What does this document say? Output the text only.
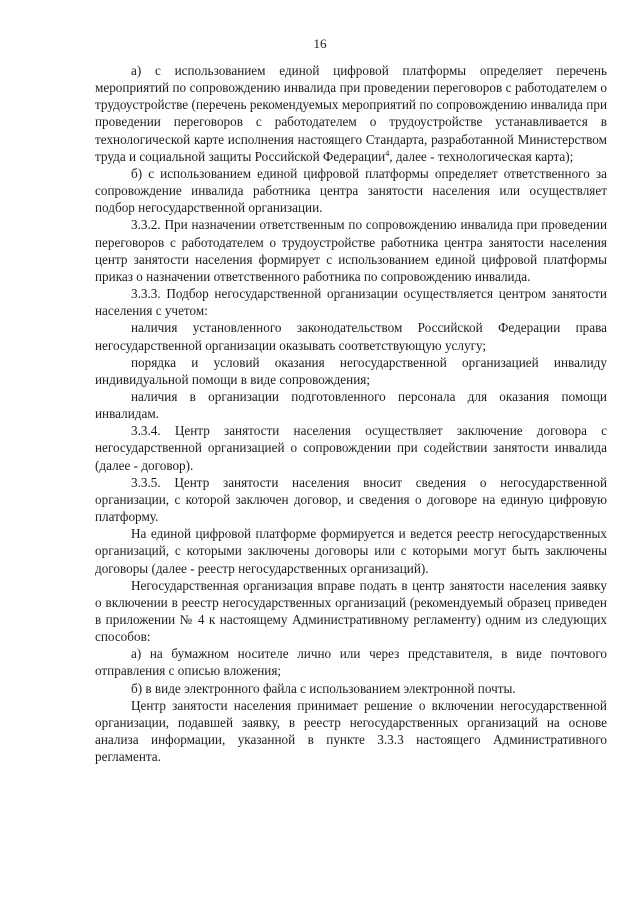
16

а) с использованием единой цифровой платформы определяет перечень мероприятий по сопровождению инвалида при проведении переговоров с работодателем о трудоустройстве (перечень рекомендуемых мероприятий по сопровождению инвалида при проведении переговоров с работодателем о трудоустройстве устанавливается в технологической карте исполнения настоящего Стандарта, разработанной Министерством труда и социальной защиты Российской Федерации$^4$, далее - технологическая карта);

б) с использованием единой цифровой платформы определяет ответственного за сопровождение инвалида работника центра занятости населения или осуществляет подбор негосударственной организации.

3.3.2. При назначении ответственным по сопровождению инвалида при проведении переговоров с работодателем о трудоустройстве работника центра занятости населения центр занятости населения формирует с использованием единой цифровой платформы приказ о назначении ответственного работника по сопровождению инвалида.

3.3.3. Подбор негосударственной организации осуществляется центром занятости населения с учетом:

наличия установленного законодательством Российской Федерации права негосударственной организации оказывать соответствующую услугу;

порядка и условий оказания негосударственной организацией инвалиду индивидуальной помощи в виде сопровождения;

наличия в организации подготовленного персонала для оказания помощи инвалидам.

3.3.4. Центр занятости населения осуществляет заключение договора с негосударственной организацией о сопровождении при содействии занятости инвалида (далее - договор).

3.3.5. Центр занятости населения вносит сведения о негосударственной организации, с которой заключен договор, и сведения о договоре на единую цифровую платформу.

На единой цифровой платформе формируется и ведется реестр негосударственных организаций, с которыми заключены договоры или с которыми могут быть заключены договоры (далее - реестр негосударственных организаций).

Негосударственная организация вправе подать в центр занятости населения заявку о включении в реестр негосударственных организаций (рекомендуемый образец приведен в приложении № 4 к настоящему Административному регламенту) одним из следующих способов:

а) на бумажном носителе лично или через представителя, в виде почтового отправления с описью вложения;

б) в виде электронного файла с использованием электронной почты.

Центр занятости населения принимает решение о включении негосударственной организации, подавшей заявку, в реестр негосударственных организаций на основе анализа информации, указанной в пункте 3.3.3 настоящего Административного регламента.
